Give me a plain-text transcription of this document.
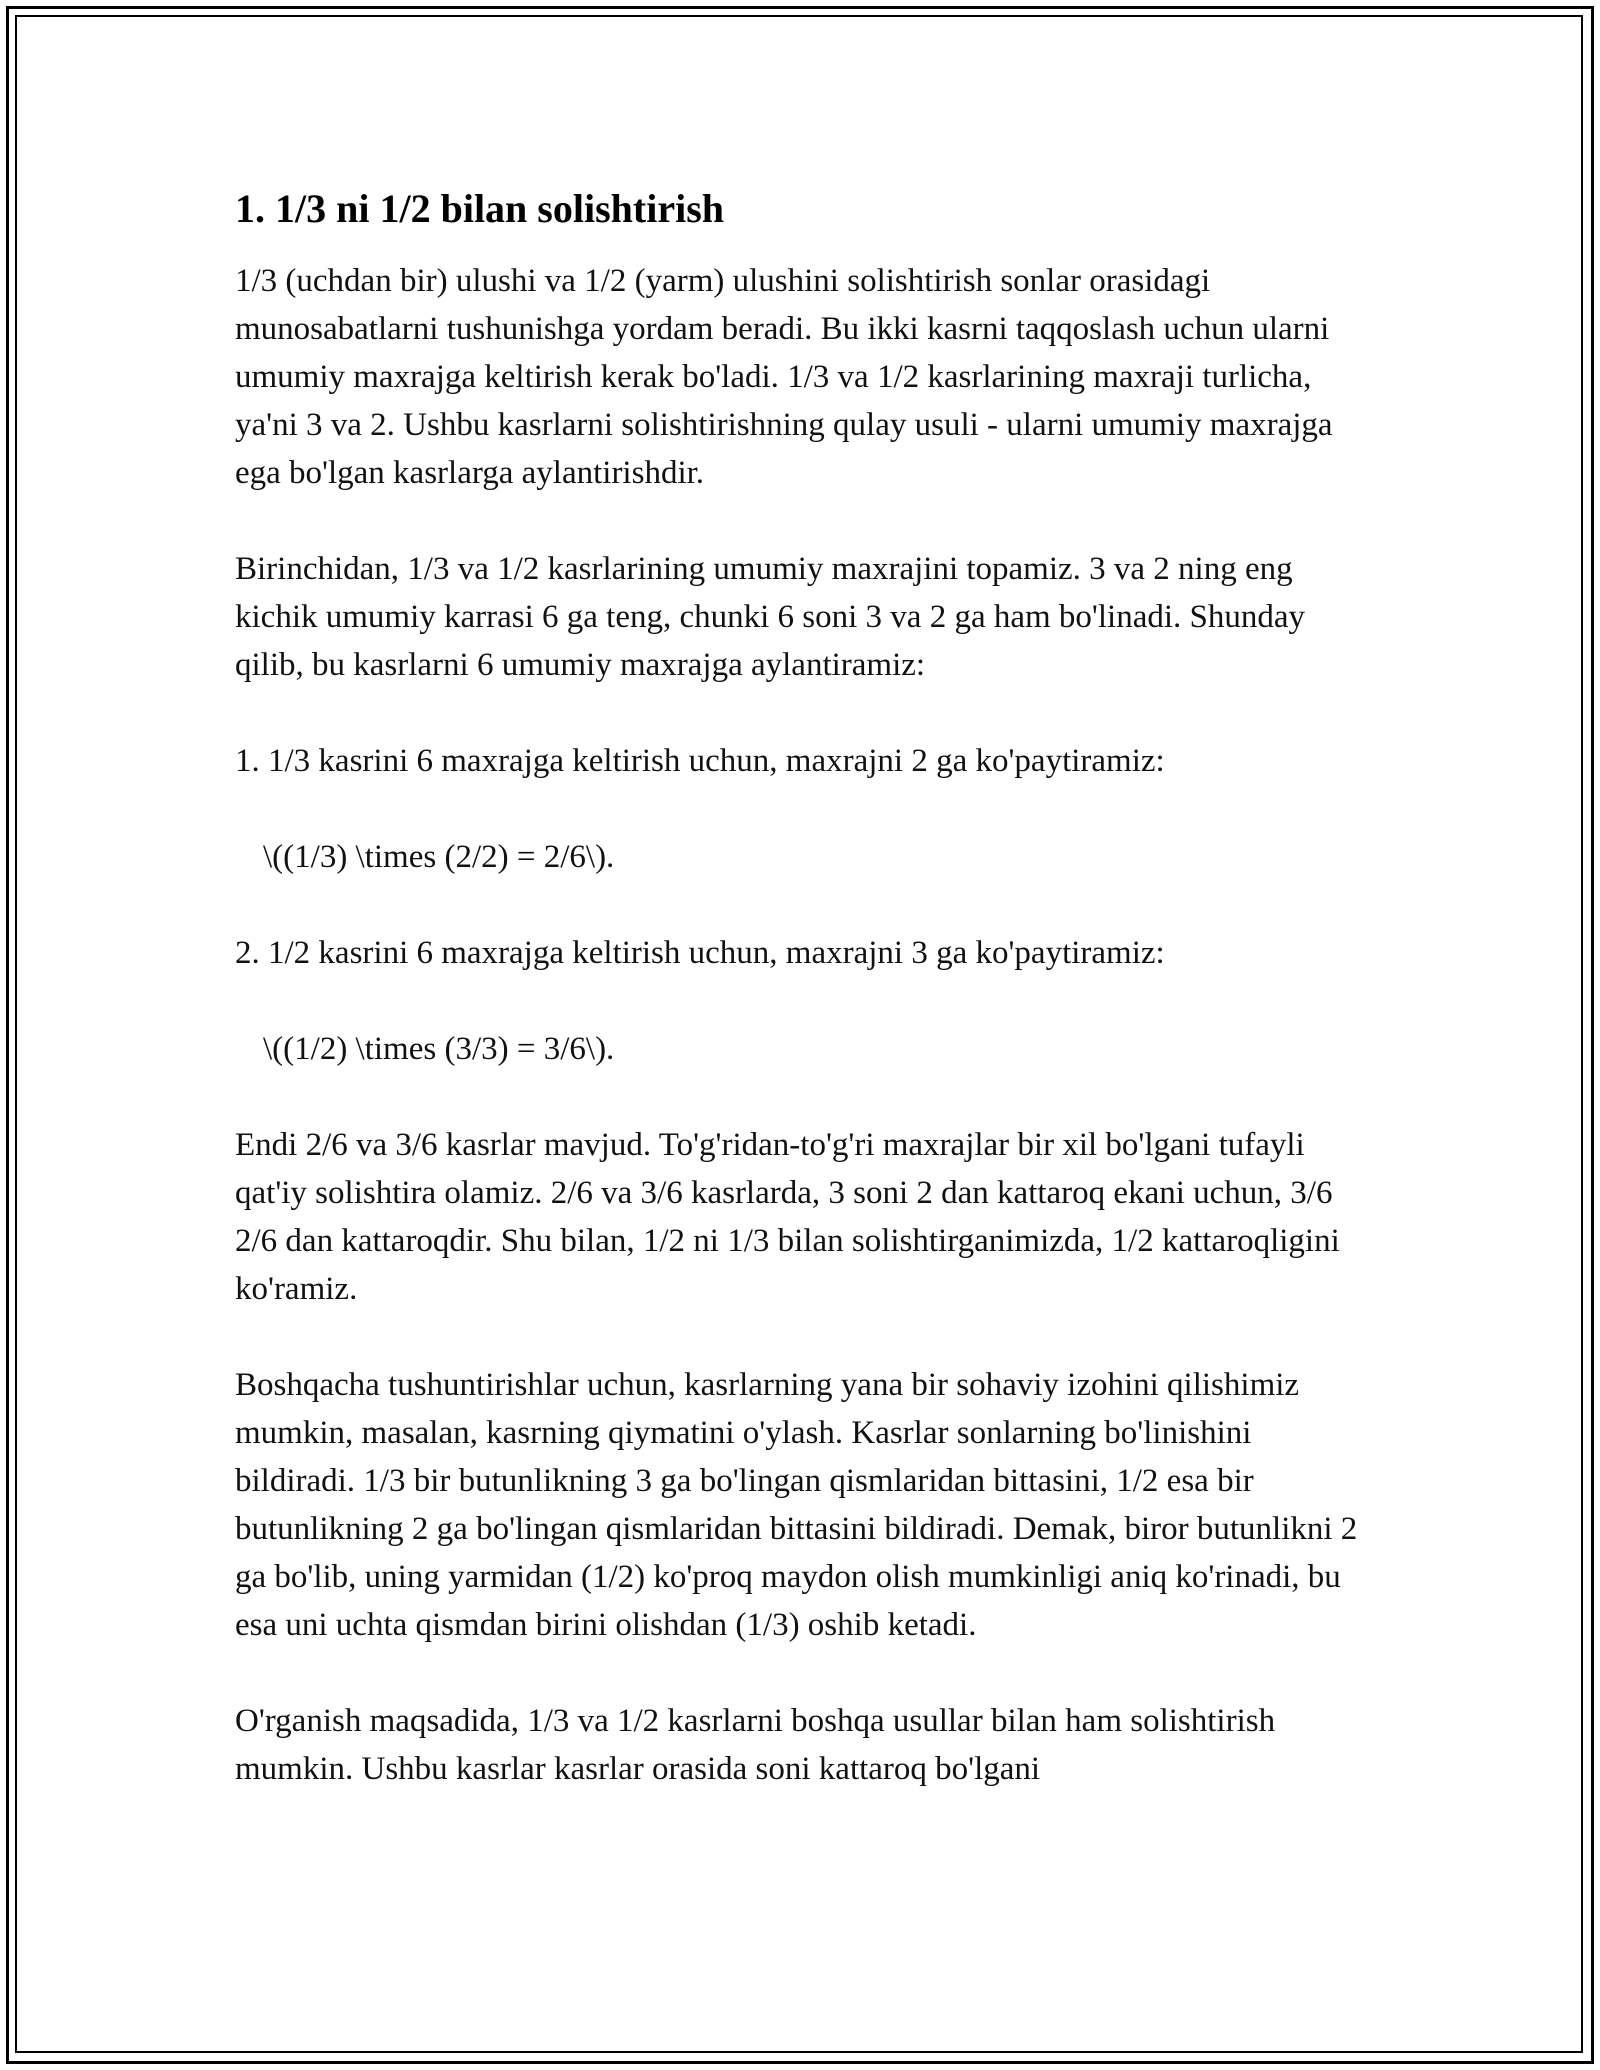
1. 1/3 ni 1/2 bilan solishtirish

1/3 (uchdan bir) ulushi va 1/2 (yarm) ulushini solishtirish sonlar orasidagi munosabatlarni tushunishga yordam beradi. Bu ikki kasrni taqqoslash uchun ularni umumiy maxrajga keltirish kerak bo'ladi. 1/3 va 1/2 kasrlarining maxraji turlicha, ya'ni 3 va 2. Ushbu kasrlarni solishtirishning qulay usuli - ularni umumiy maxrajga ega bo'lgan kasrlarga aylantirishdir.

Birinchidan, 1/3 va 1/2 kasrlarining umumiy maxrajini topamiz. 3 va 2 ning eng kichik umumiy karrasi 6 ga teng, chunki 6 soni 3 va 2 ga ham bo'linadi. Shunday qilib, bu kasrlarni 6 umumiy maxrajga aylantiramiz:

1. 1/3 kasrini 6 maxrajga keltirish uchun, maxrajni 2 ga ko'paytiramiz:

\((1/3) \times (2/2) = 2/6\).

2. 1/2 kasrini 6 maxrajga keltirish uchun, maxrajni 3 ga ko'paytiramiz:

\((1/2) \times (3/3) = 3/6\).

Endi 2/6 va 3/6 kasrlar mavjud. To'g'ridan-to'g'ri maxrajlar bir xil bo'lgani tufayli qat'iy solishtira olamiz. 2/6 va 3/6 kasrlarda, 3 soni 2 dan kattaroq ekani uchun, 3/6 2/6 dan kattaroqdir. Shu bilan, 1/2 ni 1/3 bilan solishtirganimizda, 1/2 kattaroqligini ko'ramiz.

Boshqacha tushuntirishlar uchun, kasrlarning yana bir sohaviy izohini qilishimiz mumkin, masalan, kasrning qiymatini o'ylash. Kasrlar sonlarning bo'linishini bildiradi. 1/3 bir butunlikning 3 ga bo'lingan qismlaridan bittasini, 1/2 esa bir butunlikning 2 ga bo'lingan qismlaridan bittasini bildiradi. Demak, biror butunlikni 2 ga bo'lib, uning yarmidan (1/2) ko'proq maydon olish mumkinligi aniq ko'rinadi, bu esa uni uchta qismdan birini olishdan (1/3) oshib ketadi.

O'rganish maqsadida, 1/3 va 1/2 kasrlarni boshqa usullar bilan ham solishtirish mumkin. Ushbu kasrlar kasrlar orasida soni kattaroq bo'lgani
